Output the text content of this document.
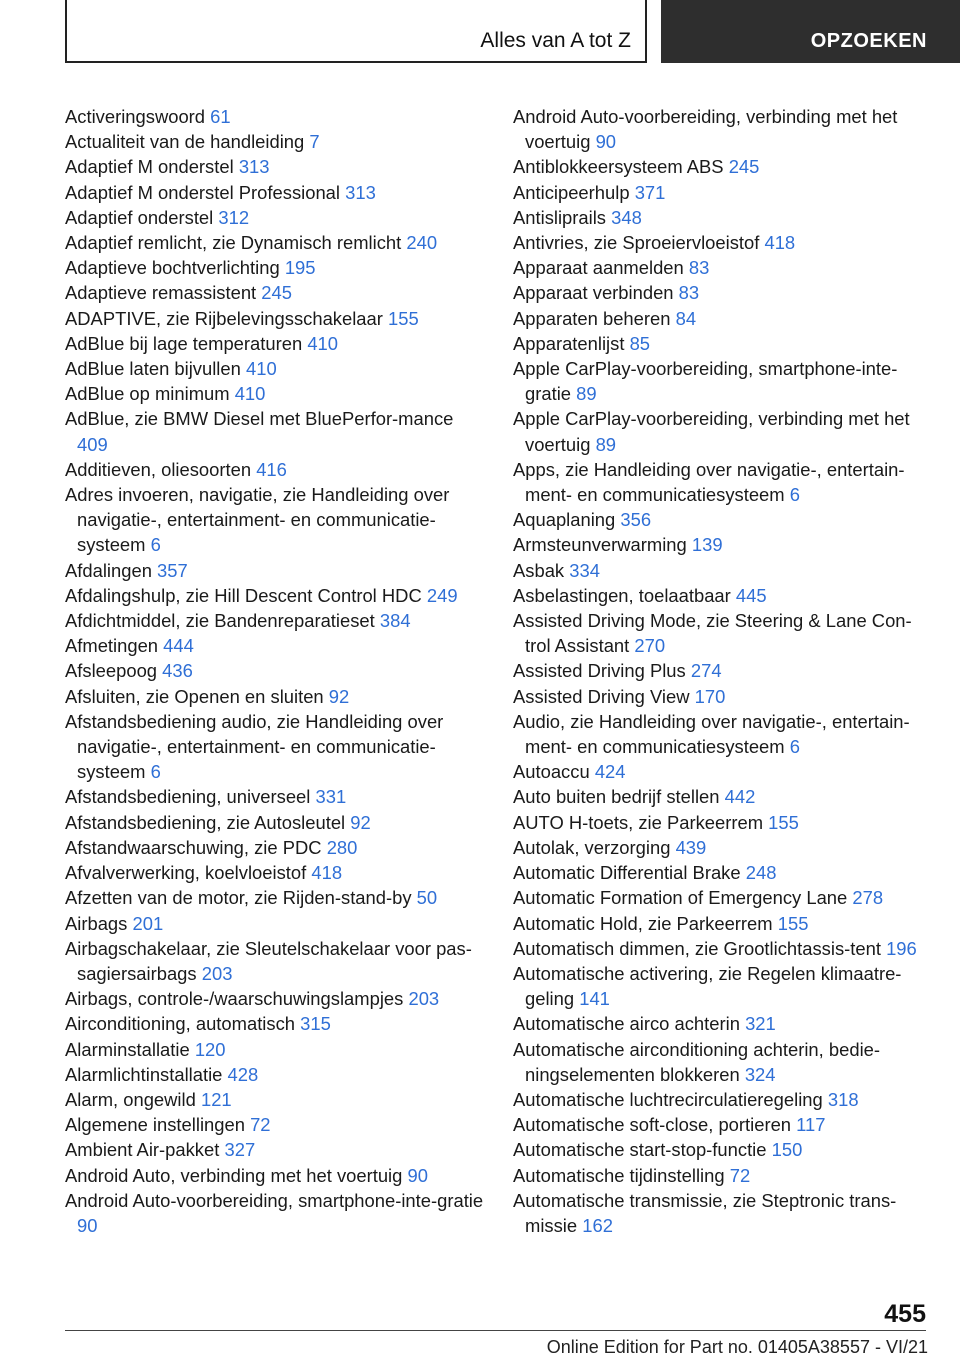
Alles van A tot Z	OPZOEKEN
Activeringswoord 61
Actualiteit van de handleiding 7
Adaptief M onderstel 313
Adaptief M onderstel Professional 313
Adaptief onderstel 312
Adaptief remlicht, zie Dynamisch remlicht 240
Adaptieve bochtverlichting 195
Adaptieve remassistent 245
ADAPTIVE, zie Rijbelevingsschakelaar 155
AdBlue bij lage temperaturen 410
AdBlue laten bijvullen 410
AdBlue op minimum 410
AdBlue, zie BMW Diesel met BluePerfor-mance 409
Additieven, oliesoorten 416
Adres invoeren, navigatie, zie Handleiding over navigatie-, entertainment- en communicatie-systeem 6
Afdalingen 357
Afdalingshulp, zie Hill Descent Control HDC 249
Afdichtmiddel, zie Bandenreparatieset 384
Afmetingen 444
Afsleepoog 436
Afsluiten, zie Openen en sluiten 92
Afstandsbediening audio, zie Handleiding over navigatie-, entertainment- en communicatie-systeem 6
Afstandsbediening, universeel 331
Afstandsbediening, zie Autosleutel 92
Afstandwaarschuwing, zie PDC 280
Afvalverwerking, koelvloeistof 418
Afzetten van de motor, zie Rijden-stand-by 50
Airbags 201
Airbagschakelaar, zie Sleutelschakelaar voor pas-sagiersairbags 203
Airbags, controle-/waarschuwingslampjes 203
Airconditioning, automatisch 315
Alarminstallatie 120
Alarmlichtinstallatie 428
Alarm, ongewild 121
Algemene instellingen 72
Ambient Air-pakket 327
Android Auto, verbinding met het voertuig 90
Android Auto-voorbereiding, smartphone-inte-gratie 90
Android Auto-voorbereiding, verbinding met het voertuig 90
Antiblokkeersysteem ABS 245
Anticipeerhulp 371
Antisliprails 348
Antivries, zie Sproeiervloeistof 418
Apparaat aanmelden 83
Apparaat verbinden 83
Apparaten beheren 84
Apparatenlijst 85
Apple CarPlay-voorbereiding, smartphone-inte-gratie 89
Apple CarPlay-voorbereiding, verbinding met het voertuig 89
Apps, zie Handleiding over navigatie-, entertain-ment- en communicatiesysteem 6
Aquaplaning 356
Armsteunverwarming 139
Asbak 334
Asbelastingen, toelaatbaar 445
Assisted Driving Mode, zie Steering & Lane Con-trol Assistant 270
Assisted Driving Plus 274
Assisted Driving View 170
Audio, zie Handleiding over navigatie-, entertain-ment- en communicatiesysteem 6
Autoaccu 424
Auto buiten bedrijf stellen 442
AUTO H-toets, zie Parkeerrem 155
Autolak, verzorging 439
Automatic Differential Brake 248
Automatic Formation of Emergency Lane 278
Automatic Hold, zie Parkeerrem 155
Automatisch dimmen, zie Grootlichtassis-tent 196
Automatische activering, zie Regelen klimaatre-geling 141
Automatische airco achterin 321
Automatische airconditioning achterin, bedie-ningselementen blokkeren 324
Automatische luchtrecirculatieregeling 318
Automatische soft-close, portieren 117
Automatische start-stop-functie 150
Automatische tijdinstelling 72
Automatische transmissie, zie Steptronic trans-missie 162
455
Online Edition for Part no. 01405A38557 - VI/21
